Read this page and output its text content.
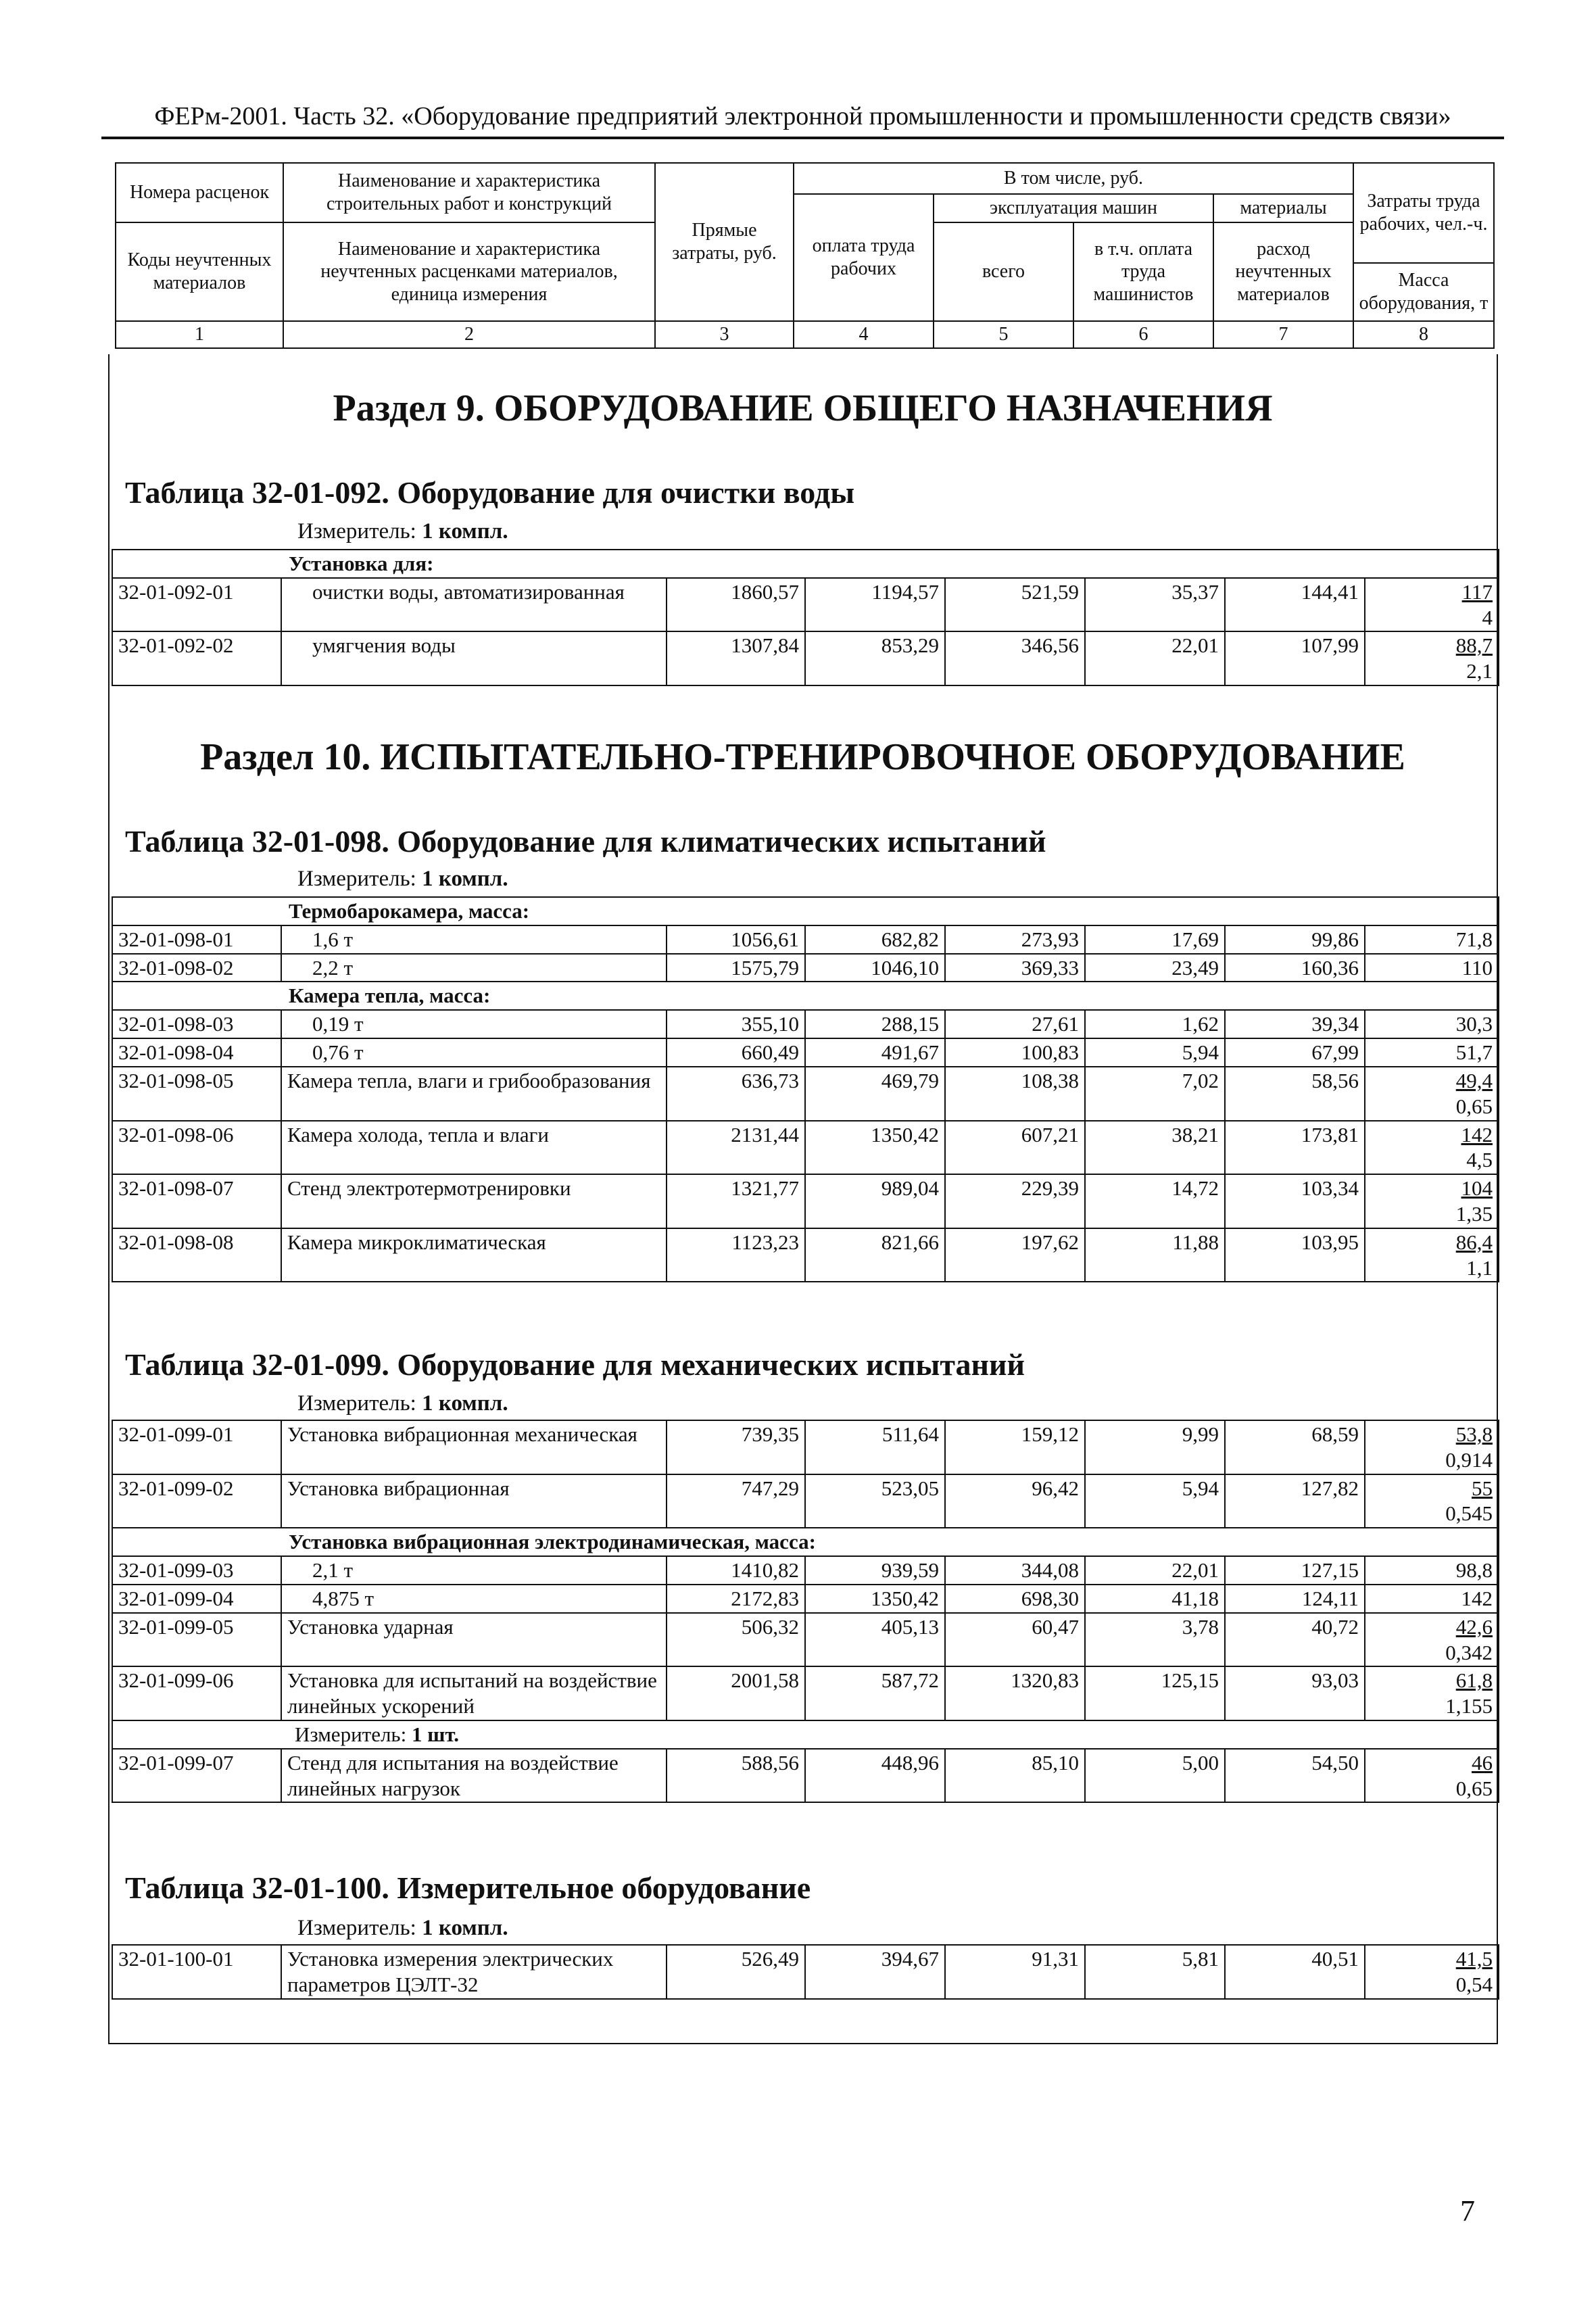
ФЕРм-2001. Часть 32. «Оборудование предприятий электронной промышленности и промышленности средств связи»
Номера расценок	Наименование и характеристика строительных работ и конструкций	Прямые затраты, руб.	В том числе, руб.				Затраты труда рабочих, чел.-ч.
			оплата труда рабочих	эксплуатация машин		материалы	
Коды неучтенных материалов	Наименование и характеристика неучтенных расценками материалов, единица измерения			всего	в т.ч. оплата труда машинистов	расход неучтенных материалов	
							Масса оборудования, т
1	2	3	4	5	6	7	8
Раздел 9. ОБОРУДОВАНИЕ ОБЩЕГО НАЗНАЧЕНИЯ
Таблица 32-01-092. Оборудование для очистки воды
Измеритель: 1 компл.
Установка для:							
32-01-092-01	очистки воды, автоматизированная	1860,57	1194,57	521,59	35,37	144,41	117
4
32-01-092-02	умягчения воды	1307,84	853,29	346,56	22,01	107,99	88,7
2,1
Раздел 10. ИСПЫТАТЕЛЬНО-ТРЕНИРОВОЧНОЕ ОБОРУДОВАНИЕ
Таблица 32-01-098. Оборудование для климатических испытаний
Измеритель: 1 компл.
Термобарокамера, масса:							
32-01-098-01	1,6 т	1056,61	682,82	273,93	17,69	99,86	71,8
32-01-098-02	2,2 т	1575,79	1046,10	369,33	23,49	160,36	110
Камера тепла, масса:							
32-01-098-03	0,19 т	355,10	288,15	27,61	1,62	39,34	30,3
32-01-098-04	0,76 т	660,49	491,67	100,83	5,94	67,99	51,7
32-01-098-05	Камера тепла, влаги и грибообразования	636,73	469,79	108,38	7,02	58,56	49,4
0,65
32-01-098-06	Камера холода, тепла и влаги	2131,44	1350,42	607,21	38,21	173,81	142
4,5
32-01-098-07	Стенд электротермотренировки	1321,77	989,04	229,39	14,72	103,34	104
1,35
32-01-098-08	Камера микроклиматическая	1123,23	821,66	197,62	11,88	103,95	86,4
1,1
Таблица 32-01-099. Оборудование для механических испытаний
Измеритель: 1 компл.
32-01-099-01	Установка вибрационная механическая	739,35	511,64	159,12	9,99	68,59	53,8
0,914
32-01-099-02	Установка вибрационная	747,29	523,05	96,42	5,94	127,82	55
0,545
Установка вибрационная электродинамическая, масса:							
32-01-099-03	2,1 т	1410,82	939,59	344,08	22,01	127,15	98,8
32-01-099-04	4,875 т	2172,83	1350,42	698,30	41,18	124,11	142
32-01-099-05	Установка ударная	506,32	405,13	60,47	3,78	40,72	42,6
0,342
32-01-099-06	Установка для испытаний на воздействие линейных ускорений	2001,58	587,72	1320,83	125,15	93,03	61,8
1,155
	Измеритель: 1 шт.						
32-01-099-07	Стенд для испытания на воздействие линейных нагрузок	588,56	448,96	85,10	5,00	54,50	46
0,65
Таблица 32-01-100. Измерительное оборудование
Измеритель: 1 компл.
32-01-100-01	Установка измерения электрических параметров ЦЭЛТ-32	526,49	394,67	91,31	5,81	40,51	41,5
0,54
7
